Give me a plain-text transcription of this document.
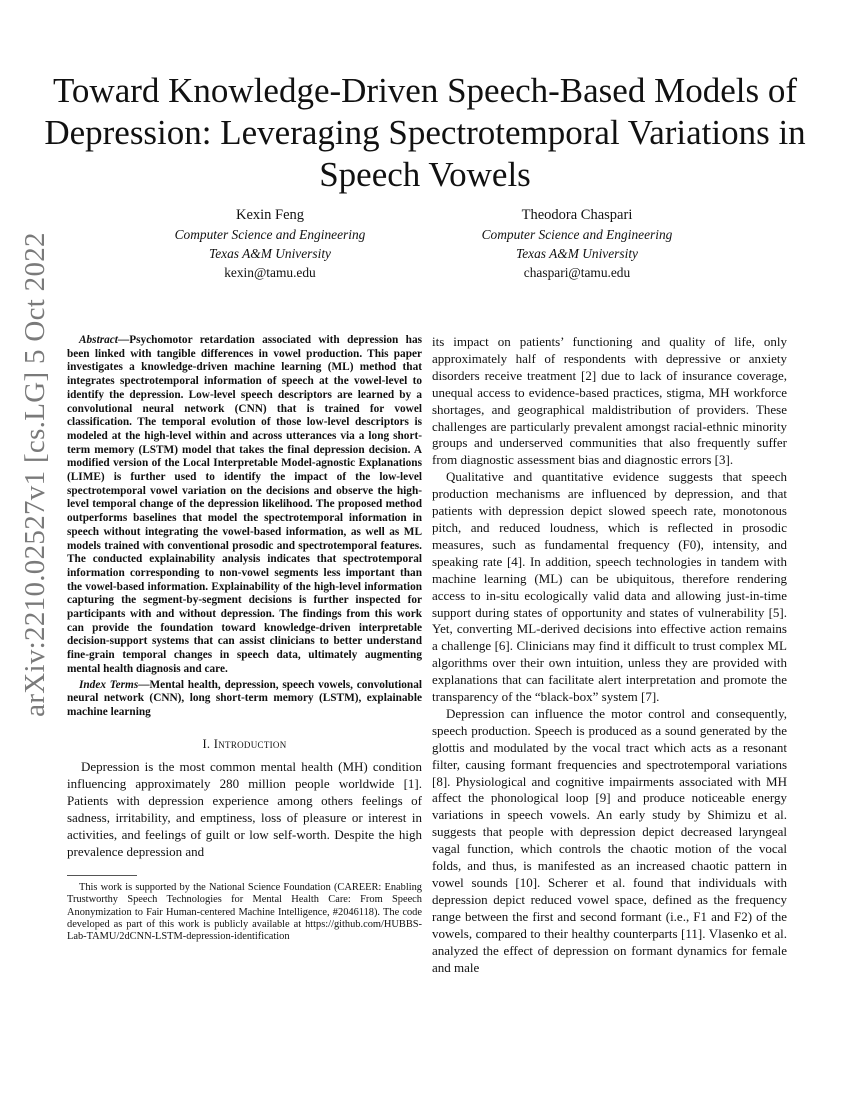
arXiv:2210.02527v1 [cs.LG] 5 Oct 2022
Toward Knowledge-Driven Speech-Based Models of Depression: Leveraging Spectrotemporal Variations in Speech Vowels
Kexin Feng
Computer Science and Engineering
Texas A&M University
kexin@tamu.edu
Theodora Chaspari
Computer Science and Engineering
Texas A&M University
chaspari@tamu.edu

Abstract—Psychomotor retardation associated with depression has been linked with tangible differences in vowel production. This paper investigates a knowledge-driven machine learning (ML) method that integrates spectrotemporal information of speech at the vowel-level to identify the depression. Low-level speech descriptors are learned by a convolutional neural network (CNN) that is trained for vowel classification. The temporal evolution of those low-level descriptors is modeled at the high-level within and across utterances via a long short-term memory (LSTM) model that takes the final depression decision. A modified version of the Local Interpretable Model-agnostic Explanations (LIME) is further used to identify the impact of the low-level spectrotemporal vowel variation on the decisions and observe the high-level temporal change of the depression likelihood. The proposed method outperforms baselines that model the spectrotemporal information in speech without integrating the vowel-based information, as well as ML models trained with conventional prosodic and spectrotemporal features. The conducted explainability analysis indicates that spectrotemporal information corresponding to non-vowel segments less important than the vowel-based information. Explainability of the high-level information capturing the segment-by-segment decisions is further inspected for participants with and without depression. The findings from this work can provide the foundation toward knowledge-driven interpretable decision-support systems that can assist clinicians to better understand fine-grain temporal changes in speech data, ultimately augmenting mental health diagnosis and care.

Index Terms—Mental health, depression, speech vowels, convolutional neural network (CNN), long short-term memory (LSTM), explainable machine learning

I. Introduction

Depression is the most common mental health (MH) condition influencing approximately 280 million people worldwide [1]. Patients with depression experience among others feelings of sadness, irritability, and emptiness, loss of pleasure or interest in activities, and feelings of guilt or low self-worth. Despite the high prevalence depression and

This work is supported by the National Science Foundation (CAREER: Enabling Trustworthy Speech Technologies for Mental Health Care: From Speech Anonymization to Fair Human-centered Machine Intelligence, #2046118). The code developed as part of this work is publicly available at https://github.com/HUBBS-Lab-TAMU/2dCNN-LSTM-depression-identification

its impact on patients’ functioning and quality of life, only approximately half of respondents with depressive or anxiety disorders receive treatment [2] due to lack of insurance coverage, unequal access to evidence-based practices, stigma, MH workforce shortages, and geographical maldistribution of providers. These challenges are particularly prevalent amongst racial-ethnic minority groups and underserved communities that also frequently suffer from diagnostic assessment bias and diagnostic errors [3].

Qualitative and quantitative evidence suggests that speech production mechanisms are influenced by depression, and that patients with depression depict slowed speech rate, monotonous pitch, and reduced loudness, which is reflected in prosodic measures, such as fundamental frequency (F0), intensity, and speaking rate [4]. In addition, speech technologies in tandem with machine learning (ML) can be ubiquitous, therefore rendering access to in-situ ecologically valid data and allowing just-in-time support during states of opportunity and states of vulnerability [5]. Yet, converting ML-derived decisions into effective action remains a challenge [6]. Clinicians may find it difficult to trust complex ML algorithms over their own intuition, unless they are provided with explanations that can facilitate alert interpretation and promote the transparency of the “black-box” system [7].

Depression can influence the motor control and consequently, speech production. Speech is produced as a sound generated by the glottis and modulated by the vocal tract which acts as a resonant filter, causing formant frequencies and spectrotemporal variations [8]. Physiological and cognitive impairments associated with MH affect the phonological loop [9] and produce noticeable energy variations in speech vowels. An early study by Shimizu et al. suggests that people with depression depict decreased laryngeal vagal function, which controls the chaotic motion of the vocal folds, and thus, is manifested as an increased chaotic pattern in vowel sounds [10]. Scherer et al. found that individuals with depression depict reduced vowel space, defined as the frequency range between the first and second formant (i.e., F1 and F2) of the vowels, compared to their healthy counterparts [11]. Vlasenko et al. analyzed the effect of depression on formant dynamics for female and male
